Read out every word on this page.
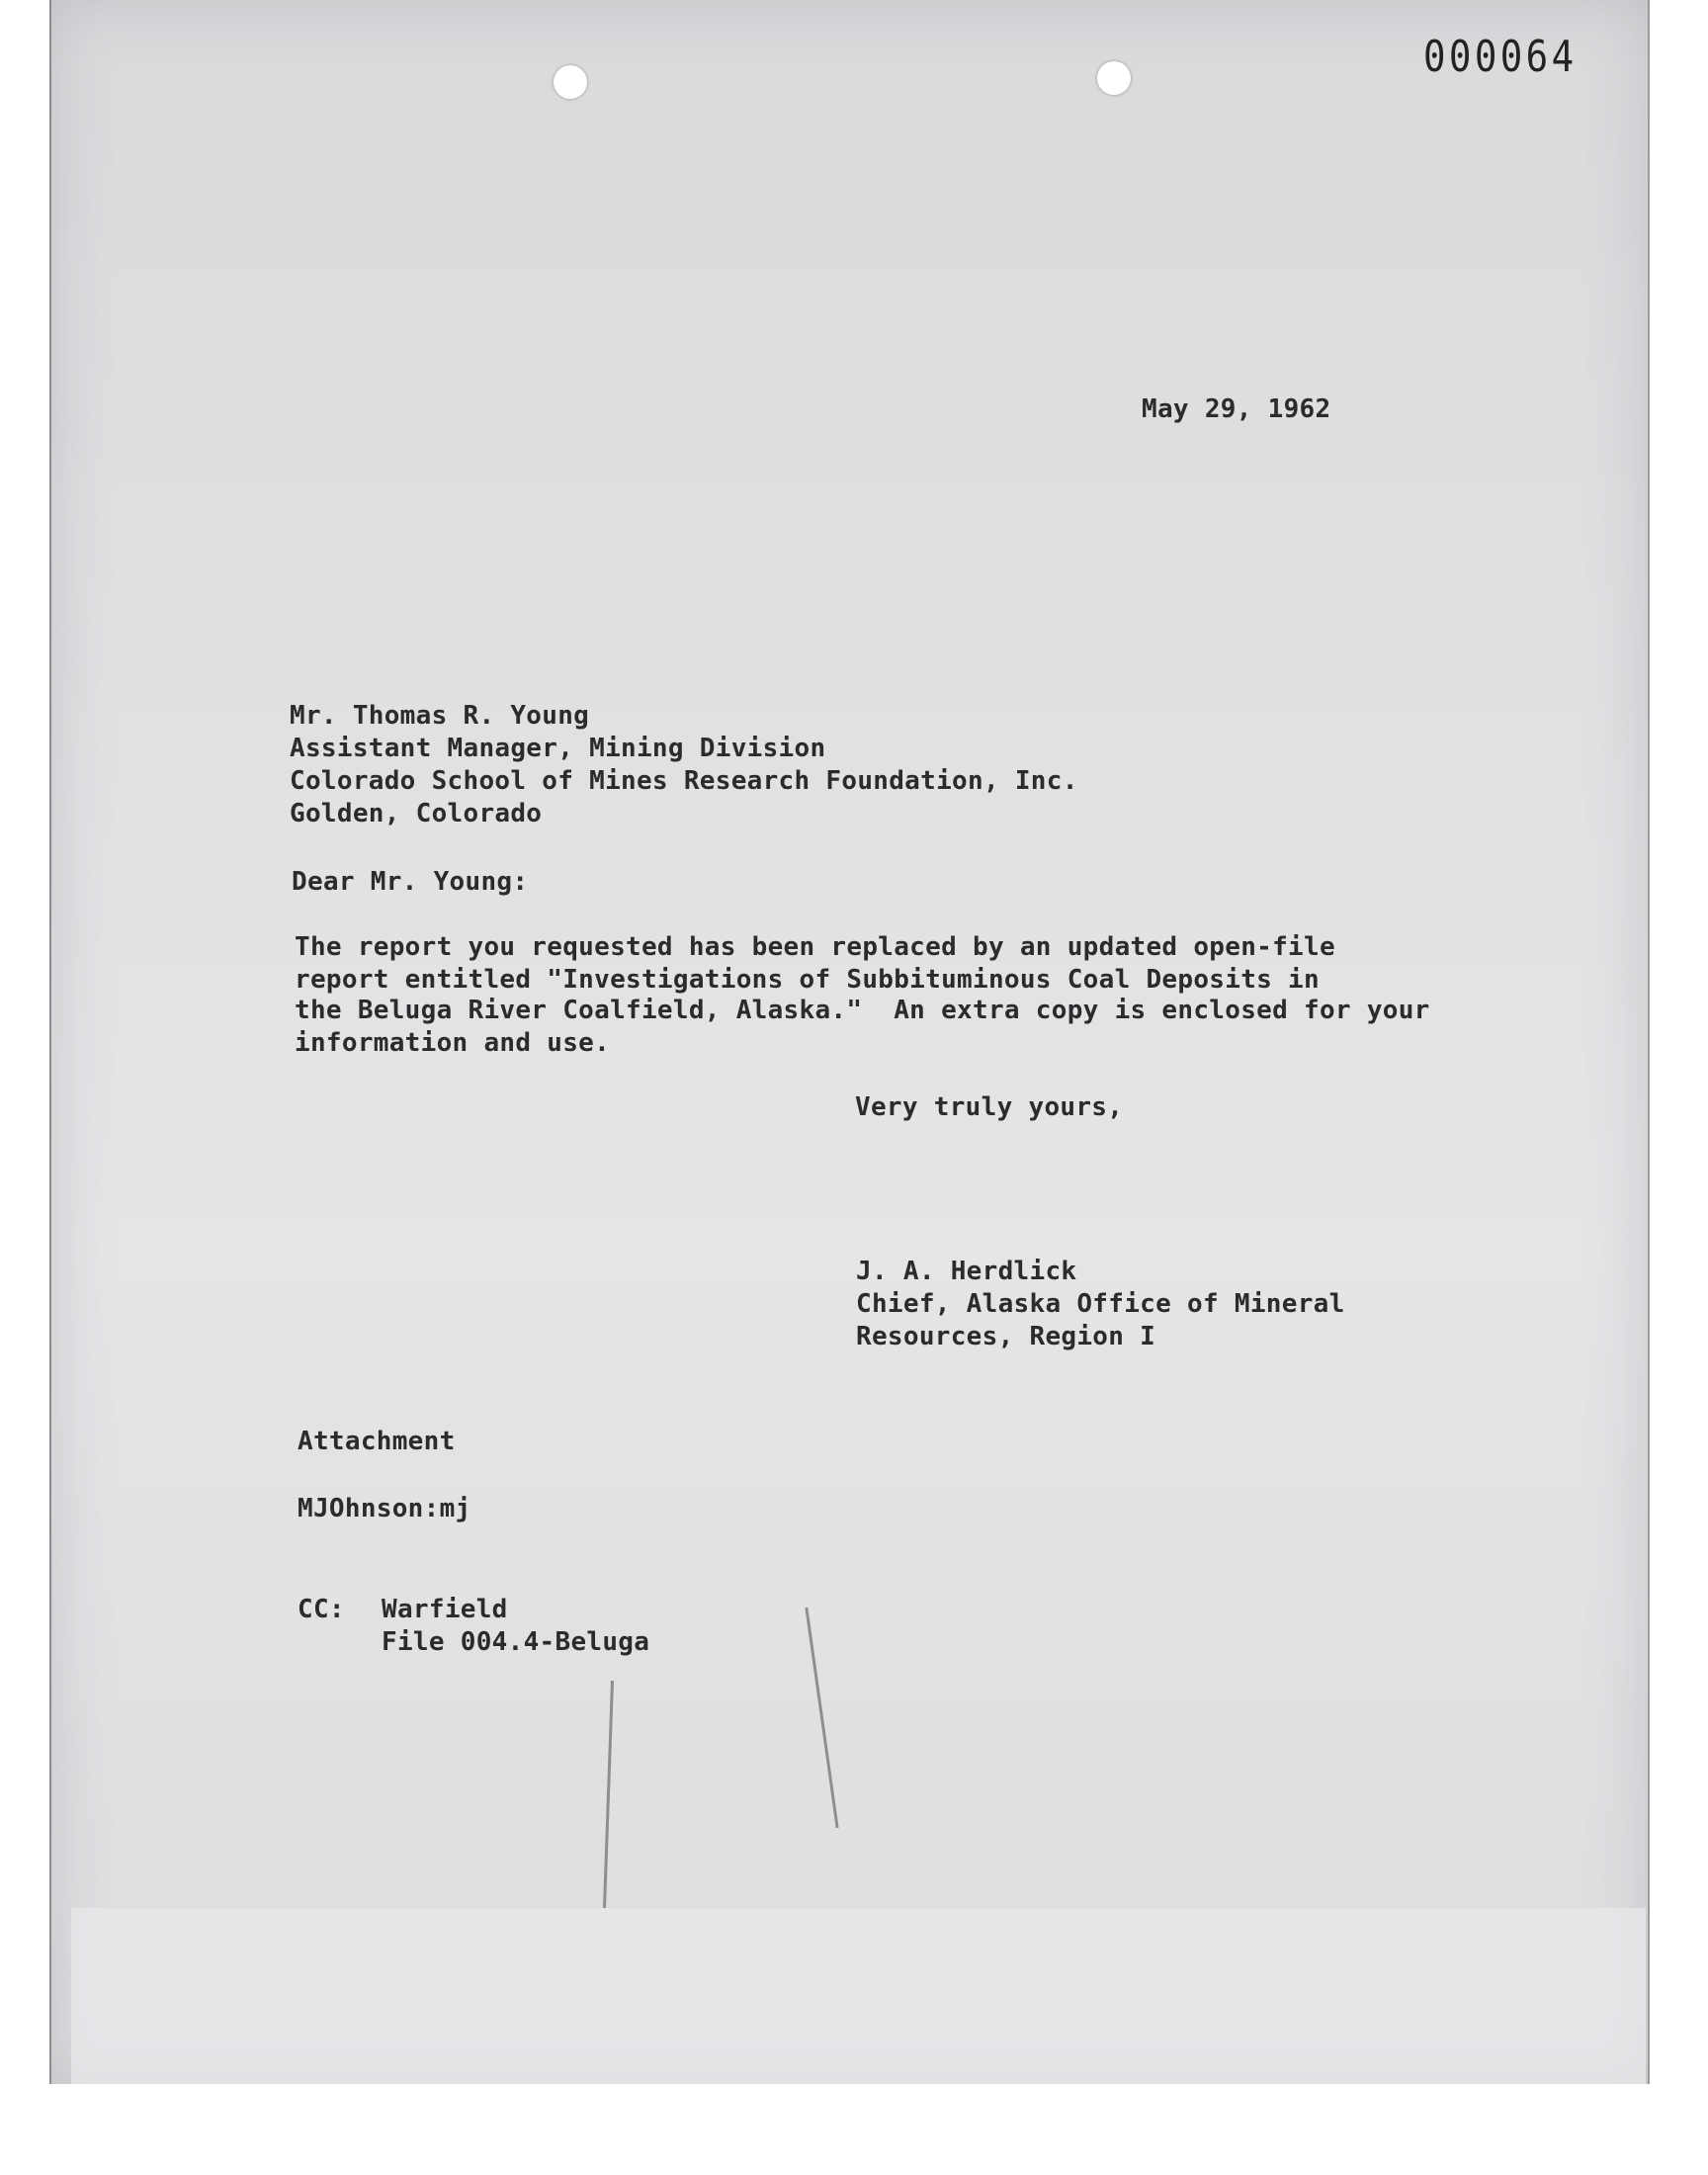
000064
May 29, 1962
Mr. Thomas R. Young
Assistant Manager, Mining Division
Colorado School of Mines Research Foundation, Inc.
Golden, Colorado
Dear Mr. Young:
The report you requested has been replaced by an updated open-file
report entitled "Investigations of Subbituminous Coal Deposits in
the Beluga River Coalfield, Alaska."  An extra copy is enclosed for your
information and use.
Very truly yours,
J. A. Herdlick
Chief, Alaska Office of Mineral
Resources, Region I
Attachment
MJOhnson:mj
CC: Warfield
File 004.4-Beluga
